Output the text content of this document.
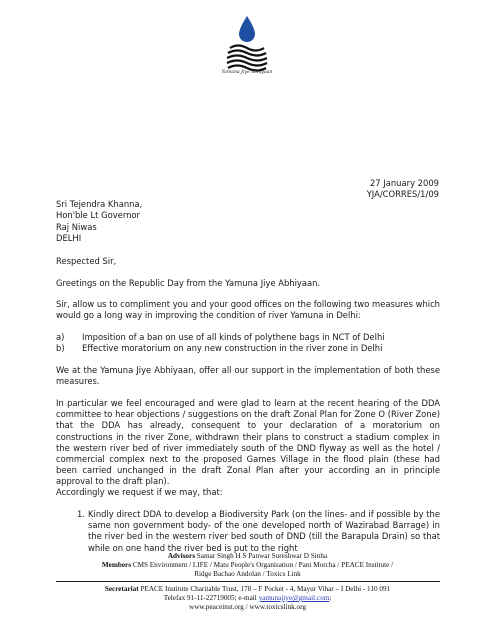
Yamuna Jiye Abhiyaan
27 January 2009
YJA/CORRES/1/09
Sri Tejendra Khanna,
Hon'ble Lt Governor
Raj Niwas
DELHI
Respected Sir,
Greetings on the Republic Day from the Yamuna Jiye Abhiyaan.
Sir, allow us to compliment you and your good offices on the following two measures which would go a long way in improving the condition of river Yamuna in Delhi:
a) Imposition of a ban on use of all kinds of polythene bags in NCT of Delhi
b) Effective moratorium on any new construction in the river zone in Delhi
We at the Yamuna Jiye Abhiyaan, offer all our support in the implementation of both these measures.
In particular we feel encouraged and were glad to learn at the recent hearing of the DDA committee to hear objections / suggestions on the draft Zonal Plan for Zone O (River Zone) that the DDA has already, consequent to your declaration of a moratorium on constructions in the river Zone, withdrawn their plans to construct a stadium complex in the western river bed of river immediately south of the DND flyway as well as the hotel / commercial complex next to the proposed Games Village in the flood plain (these had been carried unchanged in the draft Zonal Plan after your according an in principle approval to the draft plan).
Accordingly we request if we may, that:
1. Kindly direct DDA to develop a Biodiversity Park (on the lines- and if possible by the same non government body- of the one developed north of Wazirabad Barrage) in the river bed in the western river bed south of DND (till the Barapula Drain) so that while on one hand the river bed is put to the right
Advisors Samar Singh H S Panwar Sureshwar D Sinha
Members CMS Environment / LIFE / Matu People's Organisation / Pani Morcha / PEACE Institute /
Ridge Bachao Andolan / Toxics Link
Secretariat PEACE Institute Charitable Trust, 178 – F Pocket - 4, Mayur Vihar – I Delhi - 110 091
Telefax 91-11-22719005; e-mail yamunajiye@gmail.com;
www.peaceinst.org / www.toxicslink.org
